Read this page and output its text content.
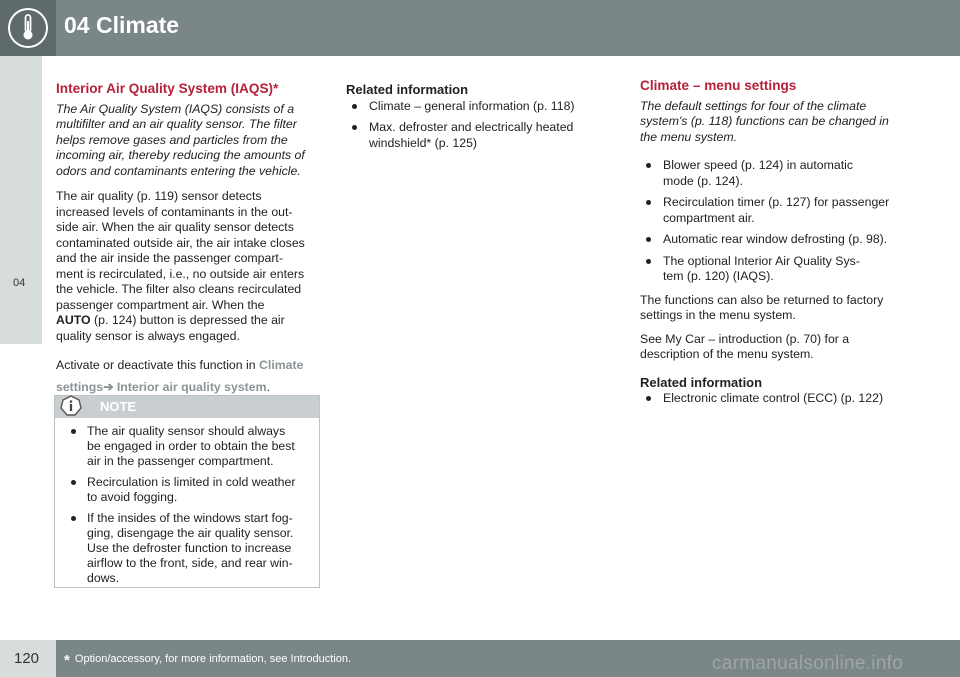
04 Climate
04

Interior Air Quality System (IAQS)*

The Air Quality System (IAQS) consists of a

multifilter and an air quality sensor. The filter

helps remove gases and particles from the

incoming air, thereby reducing the amounts of

odors and contaminants entering the vehicle.

The air quality (p. 119) sensor detects

increased levels of contaminants in the out-

side air. When the air quality sensor detects

contaminated outside air, the air intake closes

and the air inside the passenger compart-

ment is recirculated, i.e., no outside air enters

the vehicle. The filter also cleans recirculated

passenger compartment air. When the

AUTO (p. 124) button is depressed the air

quality sensor is always engaged.

Activate or deactivate this function in Climate
settings➔ Interior air quality system.
NOTE
The air quality sensor should always
be engaged in order to obtain the best
air in the passenger compartment.
Recirculation is limited in cold weather
to avoid fogging.
If the insides of the windows start fog-
ging, disengage the air quality sensor.
Use the defroster function to increase
airflow to the front, side, and rear win-
dows.

Related information

Climate – general information (p. 118)
Max. defroster and electrically heated
windshield* (p. 125)

Climate – menu settings

The default settings for four of the climate

system's (p. 118) functions can be changed in

the menu system.

Blower speed (p. 124) in automatic
mode (p. 124).
Recirculation timer (p. 127) for passenger
compartment air.
Automatic rear window defrosting (p. 98).
The optional Interior Air Quality Sys-
tem (p. 120) (IAQS).

The functions can also be returned to factory

settings in the menu system.

See My Car – introduction (p. 70) for a

description of the menu system.

Related information

Electronic climate control (ECC) (p. 122)
120 * Option/accessory, for more information, see Introduction.	carmanualsonline.info
